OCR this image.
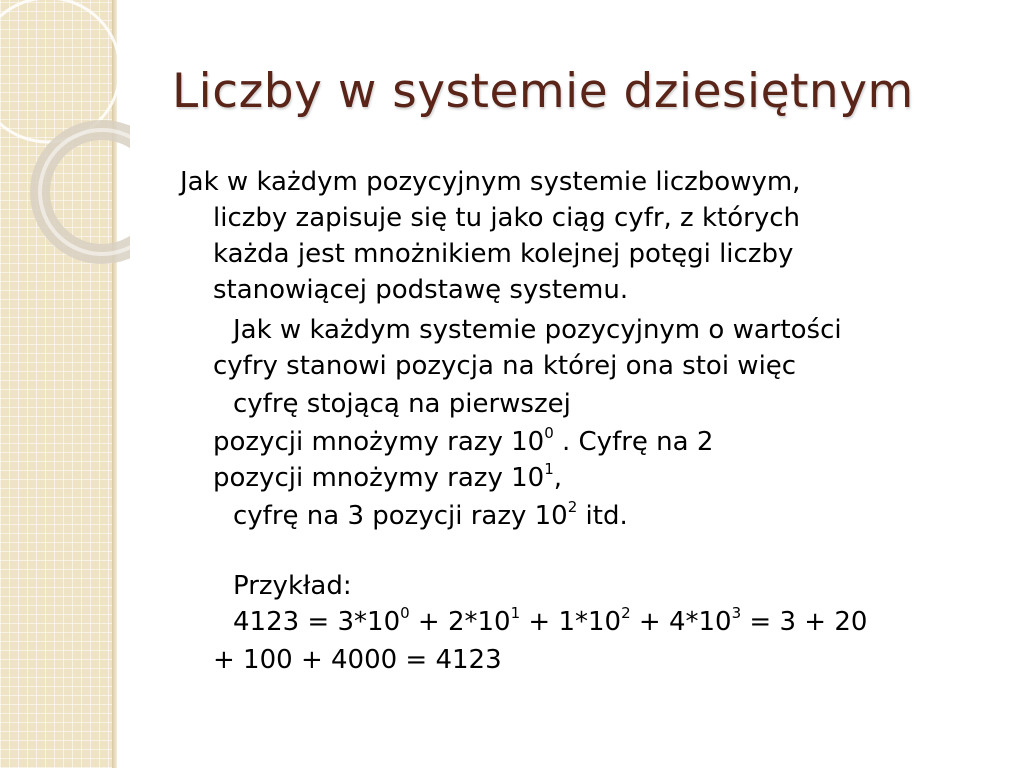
Liczby w systemie dziesiętnym
Jak w każdym pozycyjnym systemie liczbowym,
liczby zapisuje się tu jako ciąg cyfr, z których
każda jest mnożnikiem kolejnej potęgi liczby
stanowiącej podstawę systemu.
Jak w każdym systemie pozycyjnym o wartości
cyfry stanowi pozycja na której ona stoi więc
cyfrę stojącą na pierwszej
pozycji mnożymy razy $10^0$ . Cyfrę na 2
pozycji mnożymy razy $10^1$,
cyfrę na 3 pozycji razy $10^2$ itd.
Przykład:
$4123 = 3*10^0 + 2*10^1 + 1*10^2 + 4*10^3 = 3 + 20$
+ 100 + 4000 = 4123
